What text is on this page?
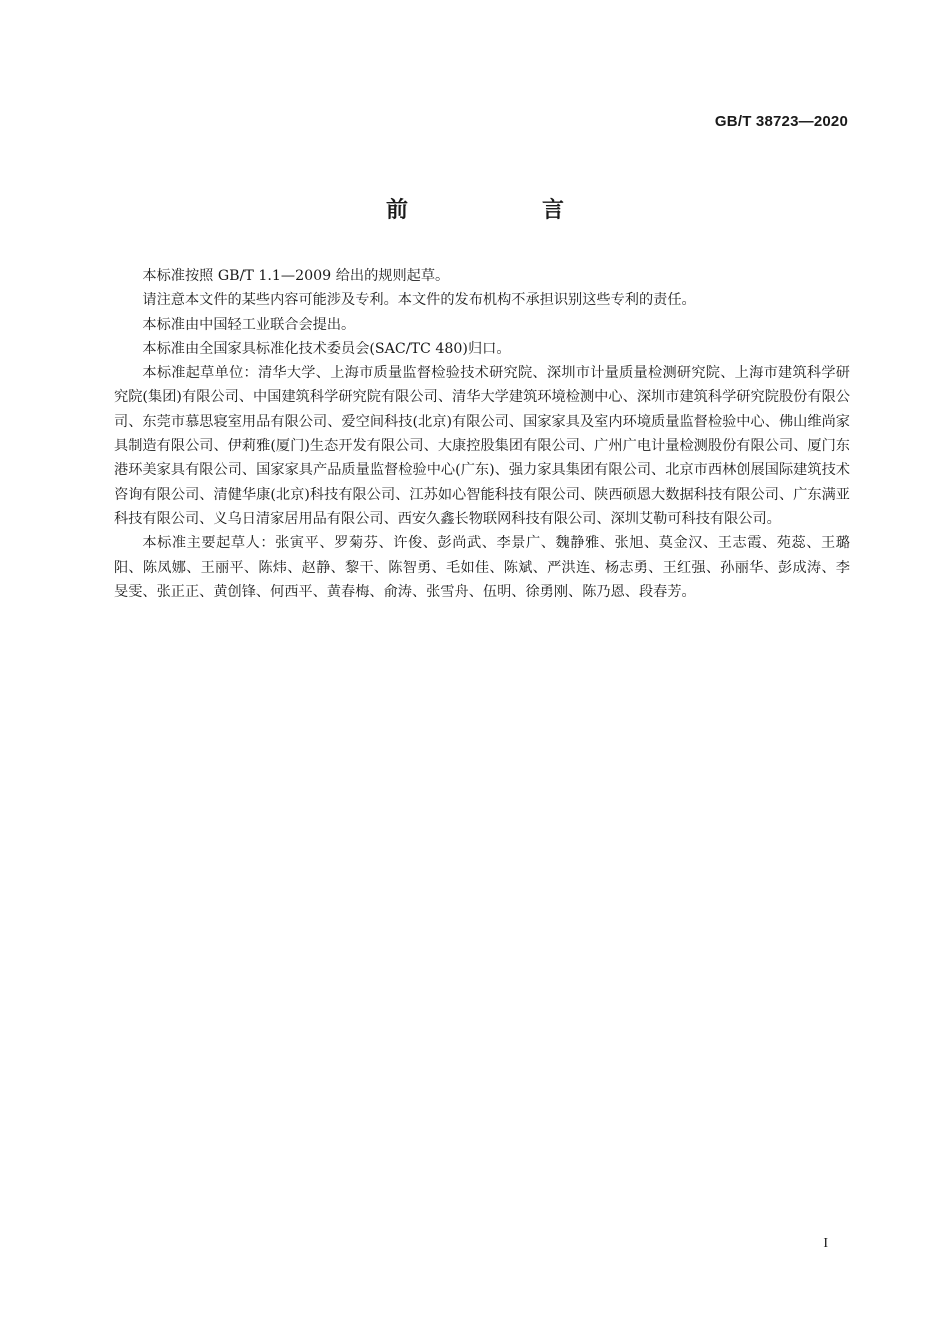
GB/T 38723—2020
前　言

本标准按照 GB/T 1.1—2009 给出的规则起草。

请注意本文件的某些内容可能涉及专利。本文件的发布机构不承担识别这些专利的责任。

本标准由中国轻工业联合会提出。

本标准由全国家具标准化技术委员会(SAC/TC 480)归口。

本标准起草单位：清华大学、上海市质量监督检验技术研究院、深圳市计量质量检测研究院、上海市建筑科学研究院(集团)有限公司、中国建筑科学研究院有限公司、清华大学建筑环境检测中心、深圳市建筑科学研究院股份有限公司、东莞市慕思寝室用品有限公司、爱空间科技(北京)有限公司、国家家具及室内环境质量监督检验中心、佛山维尚家具制造有限公司、伊莉雅(厦门)生态开发有限公司、大康控股集团有限公司、广州广电计量检测股份有限公司、厦门东港环美家具有限公司、国家家具产品质量监督检验中心(广东)、强力家具集团有限公司、北京市西林创展国际建筑技术咨询有限公司、清健华康(北京)科技有限公司、江苏如心智能科技有限公司、陕西硕恩大数据科技有限公司、广东满亚科技有限公司、义乌日清家居用品有限公司、西安久鑫长物联网科技有限公司、深圳艾勒可科技有限公司。

本标准主要起草人：张寅平、罗菊芬、许俊、彭尚武、李景广、魏静雅、张旭、莫金汉、王志霞、苑蕊、王璐阳、陈凤娜、王丽平、陈炜、赵静、黎干、陈智勇、毛如佳、陈斌、严洪连、杨志勇、王红强、孙丽华、彭成涛、李旻雯、张正正、黄创锋、何西平、黄春梅、俞涛、张雪舟、伍明、徐勇刚、陈乃恩、段春芳。

I
